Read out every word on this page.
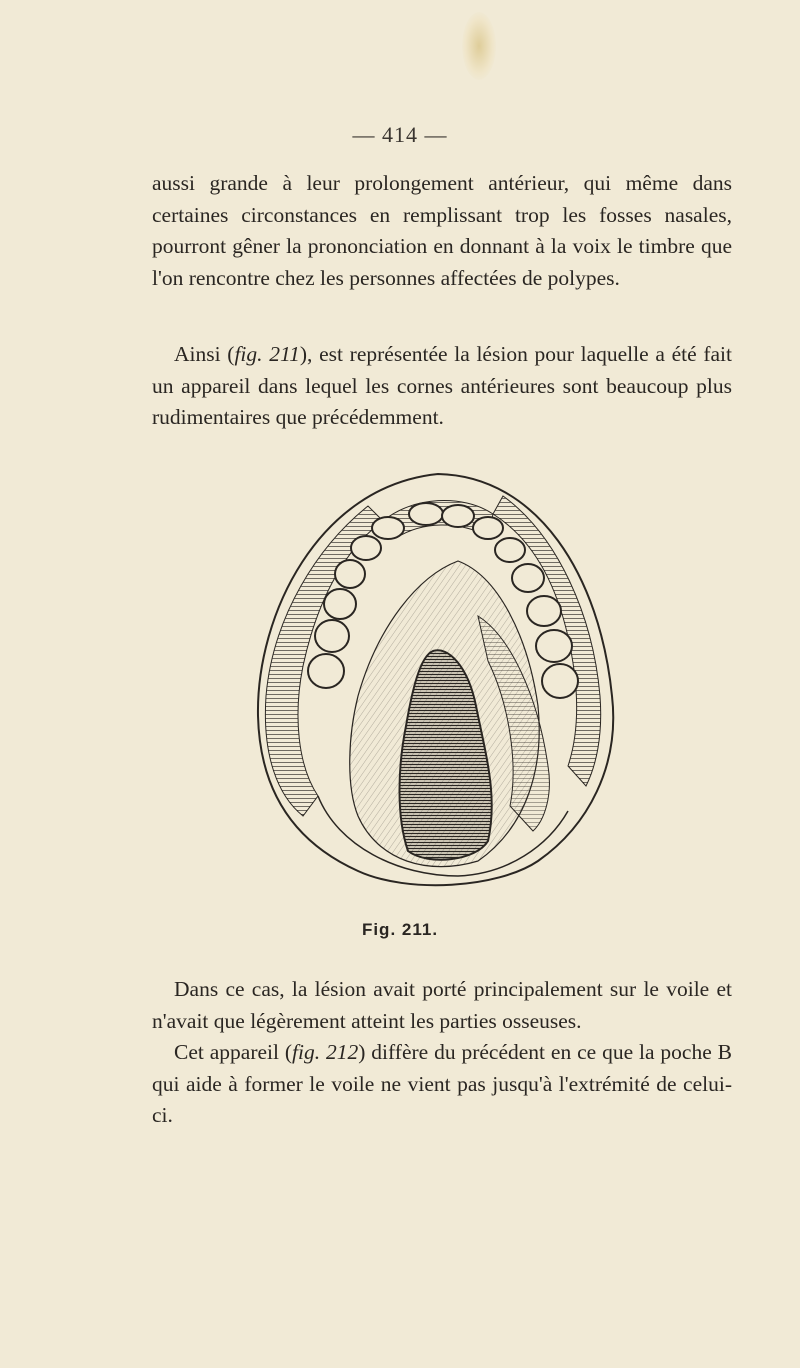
— 414 —

aussi grande à leur prolongement antérieur, qui même dans certaines circonstances en remplissant trop les fosses nasales, pourront gêner la prononciation en donnant à la voix le timbre que l'on rencontre chez les personnes affectées de polypes.

Ainsi (fig. 211), est représentée la lésion pour laquelle a été fait un appareil dans lequel les cornes antérieures sont beaucoup plus rudimentaires que précédemment.

Fig. 211.

Dans ce cas, la lésion avait porté principalement sur le voile et n'avait que légèrement atteint les parties osseuses.

Cet appareil (fig. 212) diffère du précédent en ce que la poche B qui aide à former le voile ne vient pas jusqu'à l'extrémité de celui-ci.
